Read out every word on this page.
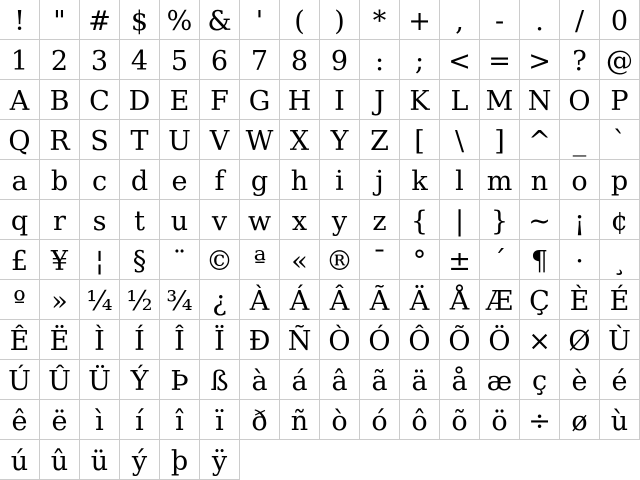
!	" # $ % & '	(	)	* + ,	-	.	/ 0
1 2 3 4 5 6 7 8 9 :	; < = > ? @
A B C D E F G H I	J K L M N O P
Q R S T U V W X Y Z [	\	] ^ _ `
a b c d e	f g h i	j	k	l m n o p
q r s	t u v w x y z { | } ~ ¡ ¢
£ ¥ ¦	§ ¨ © ª « ® ¯ ° ± ´ ¶	·	¸
º » ¼ ½ ¾ ¿ À Á Â Ã Ä Å Æ Ç È É
Ê Ë Ì	Í	Î	Ï Ð Ñ Ò Ó Ô Õ Ö × Ø Ù
Ú Û Ü Ý Þ ß à á â ã ä å æ ç è é
ê ë	ì	í	î	ï	ð ñ ò ó ô õ ö ÷ ø ù
ú û ü ý þ ÿ
